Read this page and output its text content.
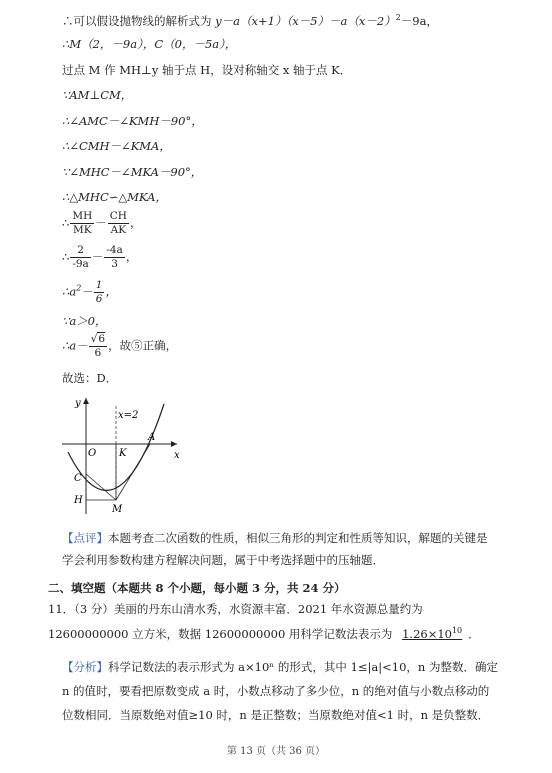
∴可以假设抛物线的解析式为 $y-a(x+1)(x-5)-a(x-2)^2-9a$，
∴M（2，－9a），C（0，－5a），
过点 M 作 MH⊥y 轴于点 H，设对称轴交 x 轴于点 K．
∵AM⊥CM，
∴∠AMC－∠KMH－90°，
∴∠CMH－∠KMA，
∵∠MHC－∠MKA－90°，
∴△MHC∽△MKA，
∴ $\frac{MH}{MK} - \frac{CH}{AK}$ ，
∴ $\frac{2}{-9a} - \frac{-4a}{3}$ ，
$\therefore a^2- \frac{1}{6}$ ，
∵a＞0，
∴a－ $\frac{√6}{6}$ ，故⑤正确，
故选：D．
y
x
x=2
O K
A
C
H
M
【点评】本题考查二次函数的性质，相似三角形的判定和性质等知识，解题的关键是学会利用参数构建方程解决问题，属于中考选择题中的压轴题．
二、填空题（本题共 8 个小题，每小题 3 分，共 24 分）
11．（3 分）美丽的丹东山清水秀，水资源丰富．2021 年水资源总量约为 12600000000 立方米，数据 12600000000 用科学记数法表示为 $1.26\times 10^{10}$ ．
【分析】科学记数法的表示形式为 a×10ⁿ 的形式，其中 1≤|a|<10，n 为整数．确定 n 的值时，要看把原数变成 a 时，小数点移动了多少位，n 的绝对值与小数点移动的位数相同．当原数绝对值≥10 时，n 是正整数；当原数绝对值<1 时，n 是负整数．
第 13 页（共 36 页）
